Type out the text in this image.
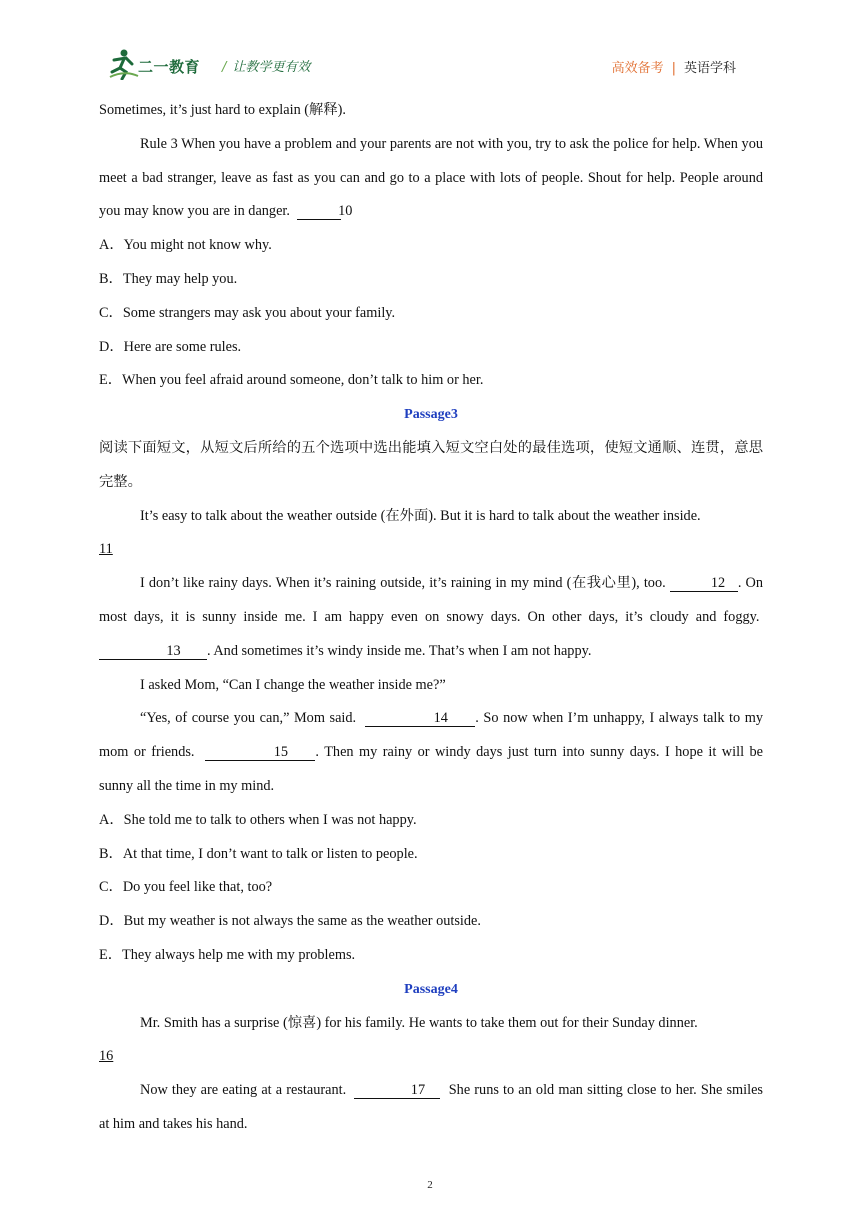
二一教育 / 让教学更有效	高效备考 | 英语学科

Sometimes, it’s just hard to explain (解释).

Rule 3 When you have a problem and your parents are not with you, try to ask the police for help. When you meet a bad stranger, leave as fast as you can and go to a place with lots of people. Shout for help. People around you may know you are in danger.	10

A．You might not know why.

B．They may help you.

C．Some strangers may ask you about your family.

D．Here are some rules.

E．When you feel afraid around someone, don’t talk to him or her.

Passage3

阅读下面短文，从短文后所给的五个选项中选出能填入短文空白处的最佳选项，使短文通顺、连贯，意思完整。

It’s easy to talk about the weather outside (在外面). But it is hard to talk about the weather inside.
11

I don’t like rainy days. When it’s raining outside, it’s raining in my mind (在我心里), too.	12 . On most days, it is sunny inside me. I am happy even on snowy days. On other days, it’s cloudy and foggy.  13 . And sometimes it’s windy inside me. That’s when I am not happy.

I asked Mom, “Can I change the weather inside me?”

“Yes, of course you can,” Mom said.	14 . So now when I’m unhappy, I always talk to my mom or friends.	15 . Then my rainy or windy days just turn into sunny days. I hope it will be sunny all the time in my mind.

A．She told me to talk to others when I was not happy.

B．At that time, I don’t want to talk or listen to people.

C．Do you feel like that, too?

D．But my weather is not always the same as the weather outside.

E．They always help me with my problems.

Passage4

Mr. Smith has a surprise (惊喜) for his family. He wants to take them out for their Sunday dinner.
16

Now they are eating at a restaurant.	17 She runs to an old man sitting close to her. She smiles at him and takes his hand.

2
